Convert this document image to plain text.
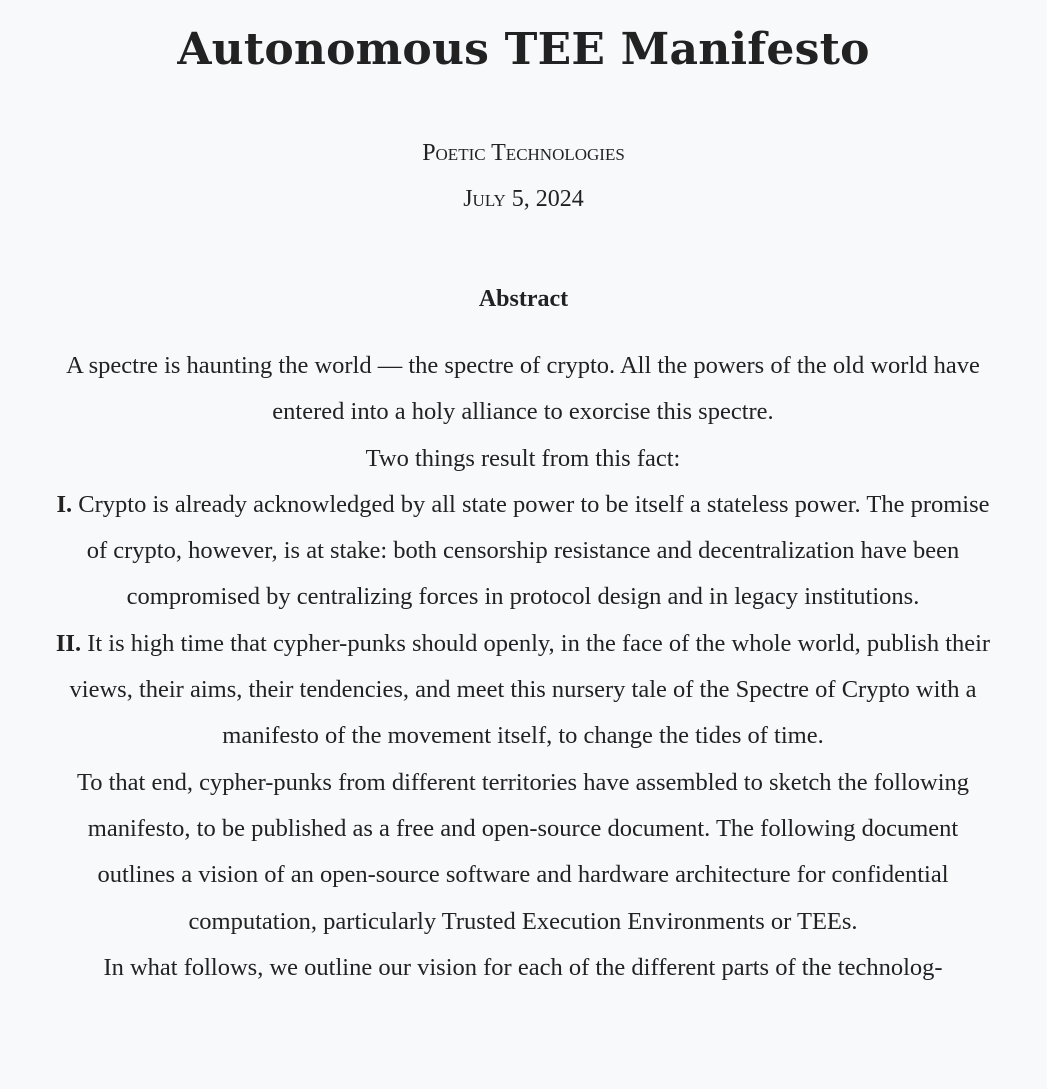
Autonomous TEE Manifesto
Poetic Technologies
July 5, 2024
Abstract

A spectre is haunting the world — the spectre of crypto. All the powers of the old world have entered into a holy alliance to exorcise this spectre.

Two things result from this fact:

I. Crypto is already acknowledged by all state power to be itself a stateless power. The promise of crypto, however, is at stake: both censorship resistance and decentralization have been compromised by centralizing forces in protocol design and in legacy institutions.

II. It is high time that cypher-punks should openly, in the face of the whole world, publish their views, their aims, their tendencies, and meet this nursery tale of the Spectre of Crypto with a manifesto of the movement itself, to change the tides of time.

To that end, cypher-punks from different territories have assembled to sketch the following manifesto, to be published as a free and open-source document. The following document outlines a vision of an open-source software and hardware architecture for confidential computation, particularly Trusted Execution Environments or TEEs.

In what follows, we outline our vision for each of the different parts of the technolog-
